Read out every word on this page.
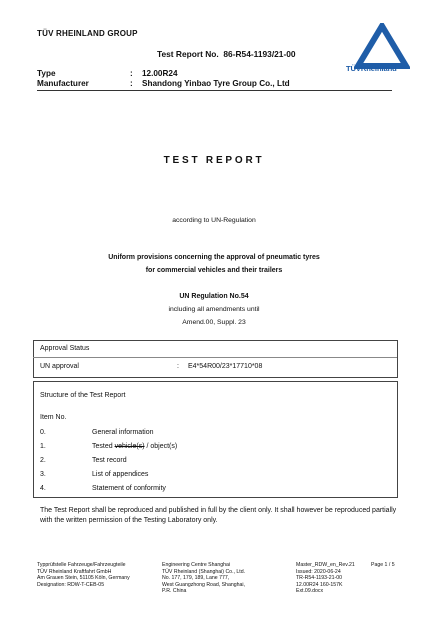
TÜV RHEINLAND GROUP
TÜVRheinland
Test Report No. 86-R54-1193/21-00
Type	: 12.00R24
Manufacturer	: Shandong Yinbao Tyre Group Co., Ltd
TEST REPORT
according to UN-Regulation
Uniform provisions concerning the approval of pneumatic tyres
for commercial vehicles and their trailers
UN Regulation No.54
including all amendments until
Amend.00, Suppl. 23
Approval Status
UN approval	: E4*54R00/23*17710*08
Structure of the Test Report
Item No.
0.	General information
1.	Tested vehicle(s) / object(s)
2.	Test record
3.	List of appendices
4.	Statement of conformity
The Test Report shall be reproduced and published in full by the client only. It shall however be reproduced partially with the written permission of the Testing Laboratory only.
Typprüfstelle Fahrzeuge/Fahrzeugteile
TÜV Rheinland Kraftfahrt GmbH
Am Grauen Stein, 51105 Köln, Germany
Designation: RDW-T-CEB-05
Engineering Centre Shanghai
TÜV Rheinland (Shanghai) Co., Ltd.
No. 177, 179, 189, Lane 777,
West Guangzhong Road, Shanghai,
P.R. China
Master_RDW_en_Rev.21
Issued: 2020-06-24
TR-R54-1193-21-00
12.00R24 160-157K
Ext.09.docx
Page 1 / 5
